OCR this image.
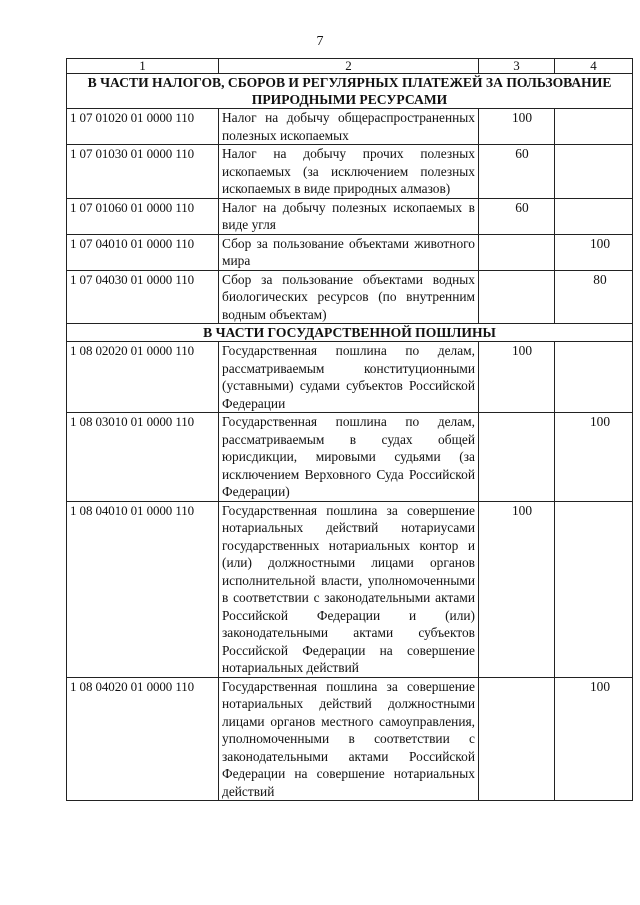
7
1	2	3	4
В ЧАСТИ НАЛОГОВ, СБОРОВ И РЕГУЛЯРНЫХ ПЛАТЕЖЕЙ ЗА ПОЛЬЗОВАНИЕ ПРИРОДНЫМИ РЕСУРСАМИ			
1 07 01020 01 0000 110	Налог на добычу общераспространенных полезных ископаемых	100	
1 07 01030 01 0000 110	Налог на добычу прочих полезных ископаемых (за исключением полезных ископаемых в виде природных алмазов)	60	
1 07 01060 01 0000 110	Налог на добычу полезных ископаемых в виде угля	60	
1 07 04010 01 0000 110	Сбор за пользование объектами животного мира		100
1 07 04030 01 0000 110	Сбор за пользование объектами водных биологических ресурсов (по внутренним водным объектам)		80
В ЧАСТИ ГОСУДАРСТВЕННОЙ ПОШЛИНЫ			
1 08 02020 01 0000 110	Государственная пошлина по делам, рассматриваемым конституционными (уставными) судами субъектов Российской Федерации	100	
1 08 03010 01 0000 110	Государственная пошлина по делам, рассматриваемым в судах общей юрисдикции, мировыми судьями (за исключением Верховного Суда Российской Федерации)		100
1 08 04010 01 0000 110	Государственная пошлина за совершение нотариальных действий нотариусами государственных нотариальных контор и (или) должностными лицами органов исполнительной власти, уполномоченными в соответствии с законодательными актами Российской Федерации и (или) законодательными актами субъектов Российской Федерации на совершение нотариальных действий	100	
1 08 04020 01 0000 110	Государственная пошлина за совершение нотариальных действий должностными лицами органов местного самоуправления, уполномоченными в соответствии с законодательными актами Российской Федерации на совершение нотариальных действий		100
